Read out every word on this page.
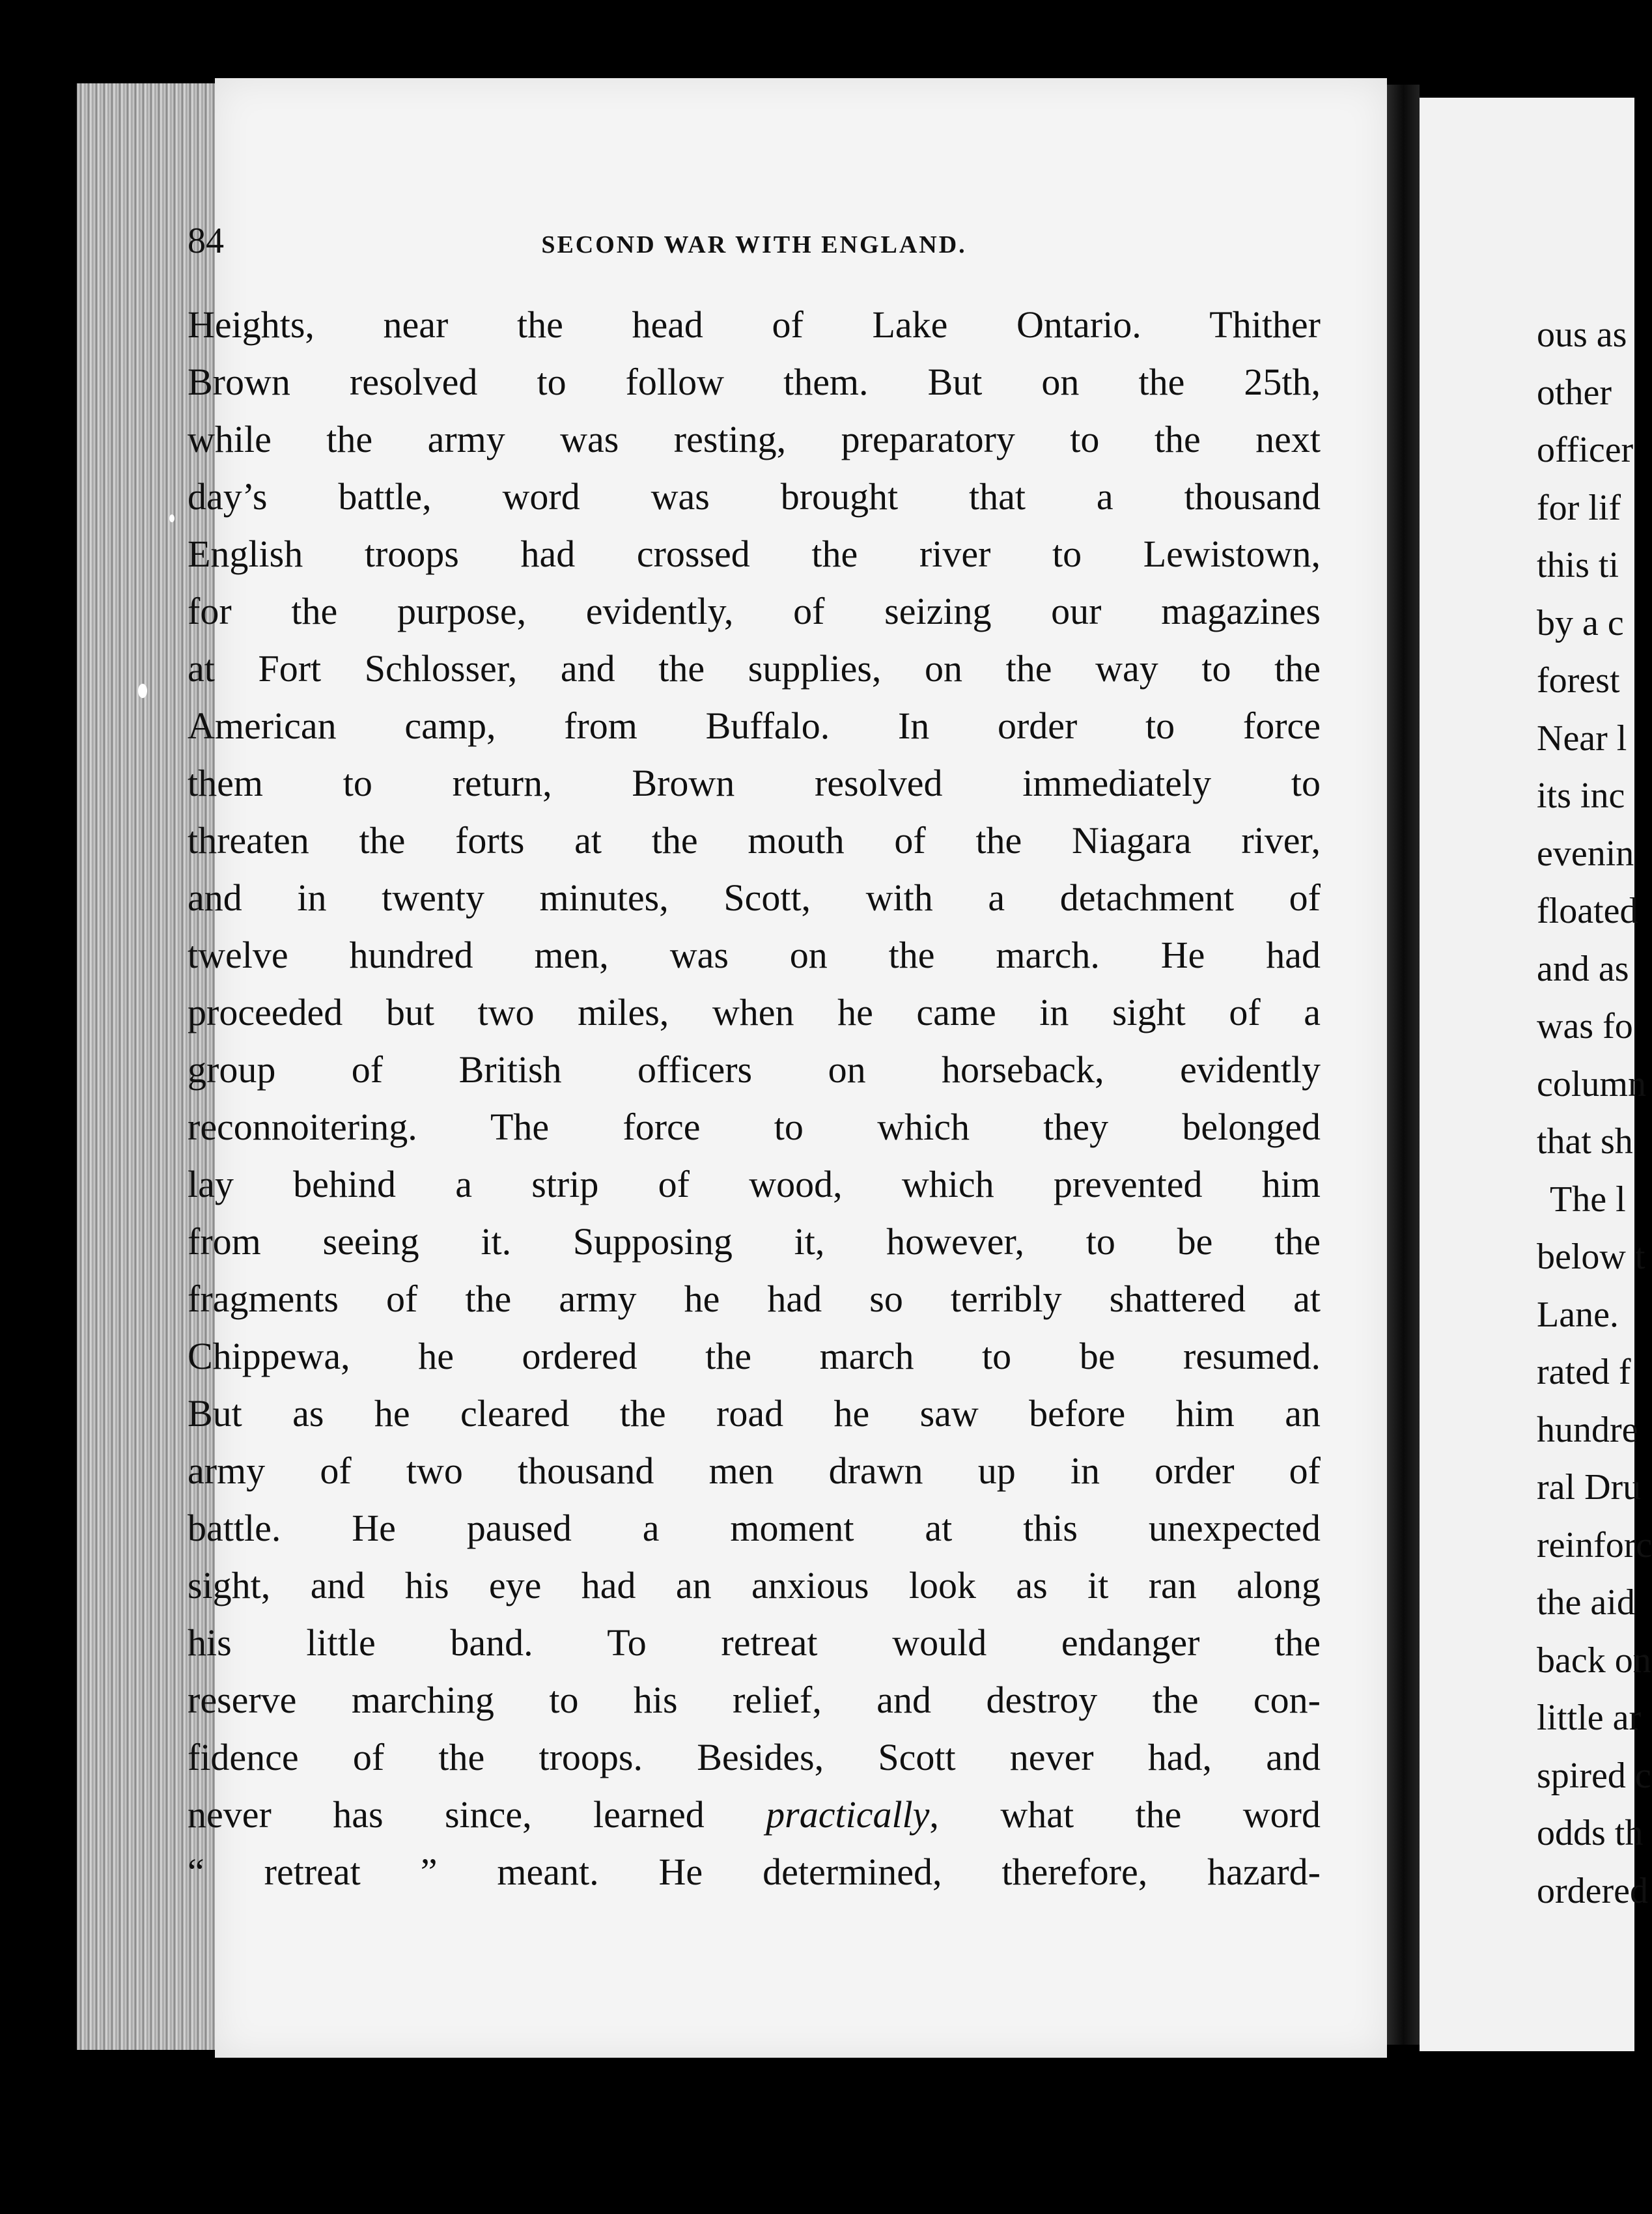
84	SECOND WAR WITH ENGLAND.
Heights, near the head of Lake Ontario. Thither
Brown resolved to follow them. But on the 25th,
while the army was resting, preparatory to the next
day’s battle, word was brought that a thousand
English troops had crossed the river to Lewistown,
for the purpose, evidently, of seizing our magazines
at Fort Schlosser, and the supplies, on the way to the
American camp, from Buffalo. In order to force
them to return, Brown resolved immediately to
threaten the forts at the mouth of the Niagara river,
and in twenty minutes, Scott, with a detachment of
twelve hundred men, was on the march. He had
proceeded but two miles, when he came in sight of a
group of British officers on horseback, evidently
reconnoitering. The force to which they belonged
lay behind a strip of wood, which prevented him
from seeing it. Supposing it, however, to be the
fragments of the army he had so terribly shattered at
Chippewa, he ordered the march to be resumed.
But as he cleared the road he saw before him an
army of two thousand men drawn up in order of
battle. He paused a moment at this unexpected
sight, and his eye had an anxious look as it ran along
his little band. To retreat would endanger the
reserve marching to his relief, and destroy the con-
fidence of the troops. Besides, Scott never had, and
never has since, learned practically, what the word
“ retreat ” meant. He determined, therefore, hazard-
ous as
other
officer
for lif
this ti
by a c
forest
Near l
its inc
evenin
floated
and as
was fo
column
that sh
The l
below t
Lane.
rated f
hundre
ral Dru
reinforc
the aid
back on
little ar
spired c
odds th
ordered
